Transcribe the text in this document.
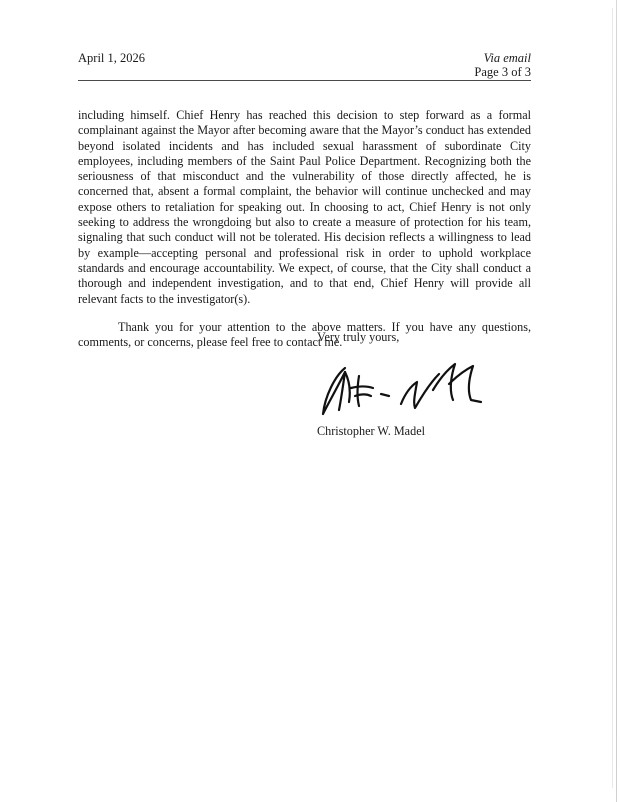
April 1, 2026	Via email
Page 3 of 3

including himself. Chief Henry has reached this decision to step forward as a formal complainant against the Mayor after becoming aware that the Mayor’s conduct has extended beyond isolated incidents and has included sexual harassment of subordinate City employees, including members of the Saint Paul Police Department. Recognizing both the seriousness of that misconduct and the vulnerability of those directly affected, he is concerned that, absent a formal complaint, the behavior will continue unchecked and may expose others to retaliation for speaking out. In choosing to act, Chief Henry is not only seeking to address the wrongdoing but also to create a measure of protection for his team, signaling that such conduct will not be tolerated. His decision reflects a willingness to lead by example—accepting personal and professional risk in order to uphold workplace standards and encourage accountability. We expect, of course, that the City shall conduct a thorough and independent investigation, and to that end, Chief Henry will provide all relevant facts to the investigator(s).

Thank you for your attention to the above matters. If you have any questions, comments, or concerns, please feel free to contact me.

Very truly yours,

Christopher W. Madel
